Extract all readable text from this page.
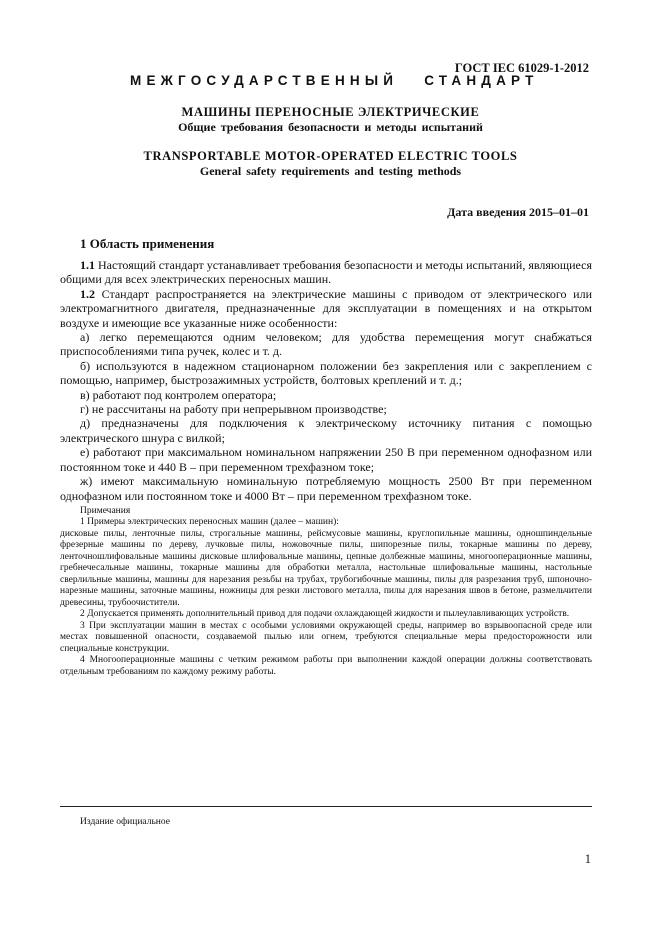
ГОСТ IEC 61029-1-2012
МЕЖГОСУДАРСТВЕННЫЙ СТАНДАРТ
МАШИНЫ ПЕРЕНОСНЫЕ ЭЛЕКТРИЧЕСКИЕ
Общие требования безопасности и методы испытаний
TRANSPORTABLE MOTOR-OPERATED ELECTRIC TOOLS
General safety requirements and testing methods
Дата введения 2015–01–01
1 Область применения

1.1 Настоящий стандарт устанавливает требования безопасности и методы испытаний, являющиеся общими для всех электрических переносных машин.

1.2 Стандарт распространяется на электрические машины с приводом от электрического или электромагнитного двигателя, предназначенные для эксплуатации в помещениях и на открытом воздухе и имеющие все указанные ниже особенности:

а) легко перемещаются одним человеком; для удобства перемещения могут снабжаться приспособлениями типа ручек, колес и т. д.

б) используются в надежном стационарном положении без закрепления или с закреплением с помощью, например, быстрозажимных устройств, болтовых креплений и т. д.;

в) работают под контролем оператора;

г) не рассчитаны на работу при непрерывном производстве;

д) предназначены для подключения к электрическому источнику питания с помощью электрического шнура с вилкой;

е) работают при максимальном номинальном напряжении 250 В при переменном однофазном или постоянном токе и 440 В – при переменном трехфазном токе;

ж) имеют максимальную номинальную потребляемую мощность 2500 Вт при переменном однофазном или постоянном токе и 4000 Вт – при переменном трехфазном токе.

Примечания

1 Примеры электрических переносных машин (далее – машин):

дисковые пилы, ленточные пилы, строгальные машины, рейсмусовые машины, круглопильные машины, одношпиндельные фрезерные машины по дереву, лучковые пилы, ножовочные пилы, шипорезные пилы, токарные машины по дереву, ленточношлифовальные машины дисковые шлифовальные машины, цепные долбежные машины, многооперационные машины, гребнечесальные машины, токарные машины для обработки металла, настольные шлифовальные машины, настольные сверлильные машины, машины для нарезания резьбы на трубах, трубогибочные машины, пилы для разрезания труб, шпоночно-нарезные машины, заточные машины, ножницы для резки листового металла, пилы для нарезания швов в бетоне, размельчители древесины, трубоочистители.

2 Допускается применять дополнительный привод для подачи охлаждающей жидкости и пылеулавливающих устройств.

3 При эксплуатации машин в местах с особыми условиями окружающей среды, например во взрывоопасной среде или местах повышенной опасности, создаваемой пылью или огнем, требуются специальные меры предосторожности или специальные конструкции.

4 Многооперационные машины с четким режимом работы при выполнении каждой операции должны соответствовать отдельным требованиям по каждому режиму работы.

Издание официальное
1
